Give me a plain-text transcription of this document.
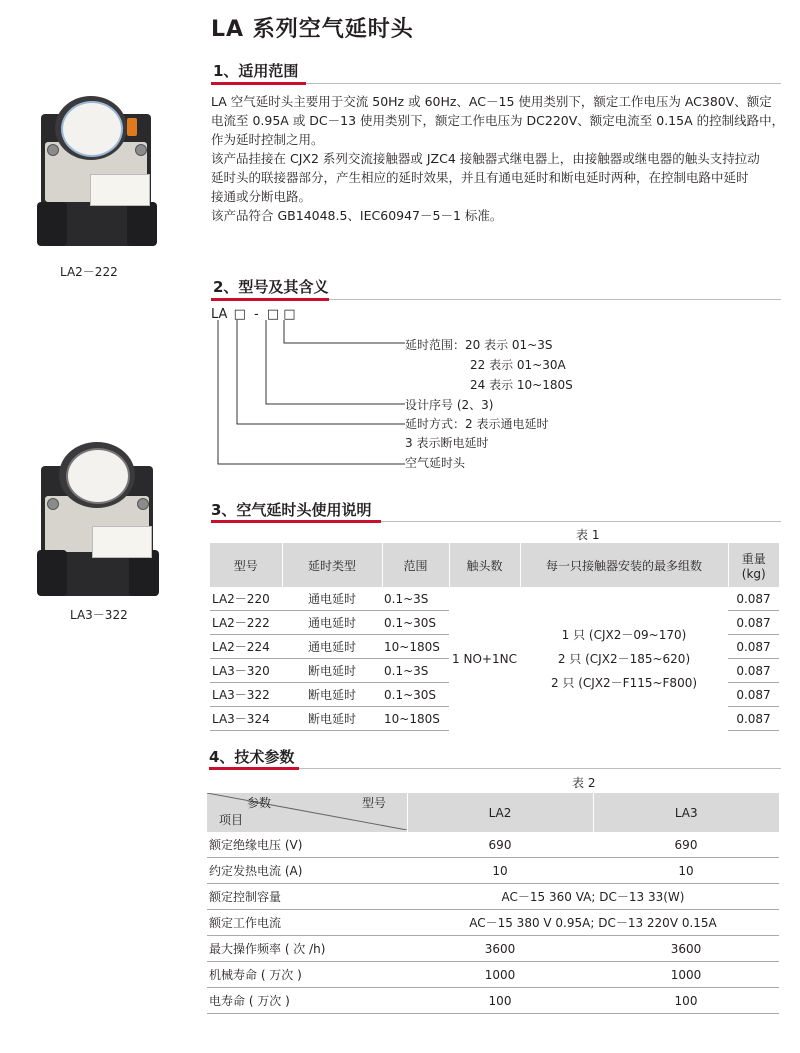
LA 系列空气延时头
LA2－222
LA3－322
1、适用范围
LA 空气延时头主要用于交流 50Hz 或 60Hz、AC－15 使用类别下，额定工作电压为 AC380V、额定
电流至 0.95A 或 DC－13 使用类别下，额定工作电压为 DC220V、额定电流至 0.15A 的控制线路中，
作为延时控制之用。
该产品挂接在 CJX2 系列交流接触器或 JZC4 接触器式继电器上，由接触器或继电器的触头支持拉动
延时头的联接器部分，产生相应的延时效果，并且有通电延时和断电延时两种，在控制电路中延时
接通或分断电路。
该产品符合 GB14048.5、IEC60947－5－1 标准。
2、型号及其含义
LA □ - □ □
延时范围：20 表示 01~3S
22 表示 01~30A
24 表示 10~180S
设计序号 (2、3)
延时方式：2 表示通电延时
3 表示断电延时
空气延时头
3、空气延时头使用说明
表 1
型号	延时类型	范围	触头数	每一只接触器安装的最多组数	重量
(kg)

LA2－220	通电延时	0.1~3S	1 NO+1NC	1 只 (CJX2－09~170)
2 只 (CJX2－185~620)
2 只 (CJX2－F115~F800)	0.087
LA2－222	通电延时	0.1~30S			0.087
LA2－224	通电延时	10~180S			0.087
LA3－320	断电延时	0.1~3S			0.087
LA3－322	断电延时	0.1~30S			0.087
LA3－324	断电延时	10~180S			0.087
4、技术参数
表 2
参数 型号
项目	LA2	LA3
额定绝缘电压 (V)	690	690
约定发热电流 (A)	10	10
额定控制容量	AC－15 360 VA; DC－13 33(W)	
额定工作电流	AC－15 380 V 0.95A; DC－13 220V 0.15A	
最大操作频率 ( 次 /h)	3600	3600
机械寿命 ( 万次 )	1000	1000
电寿命 ( 万次 )	100	100
